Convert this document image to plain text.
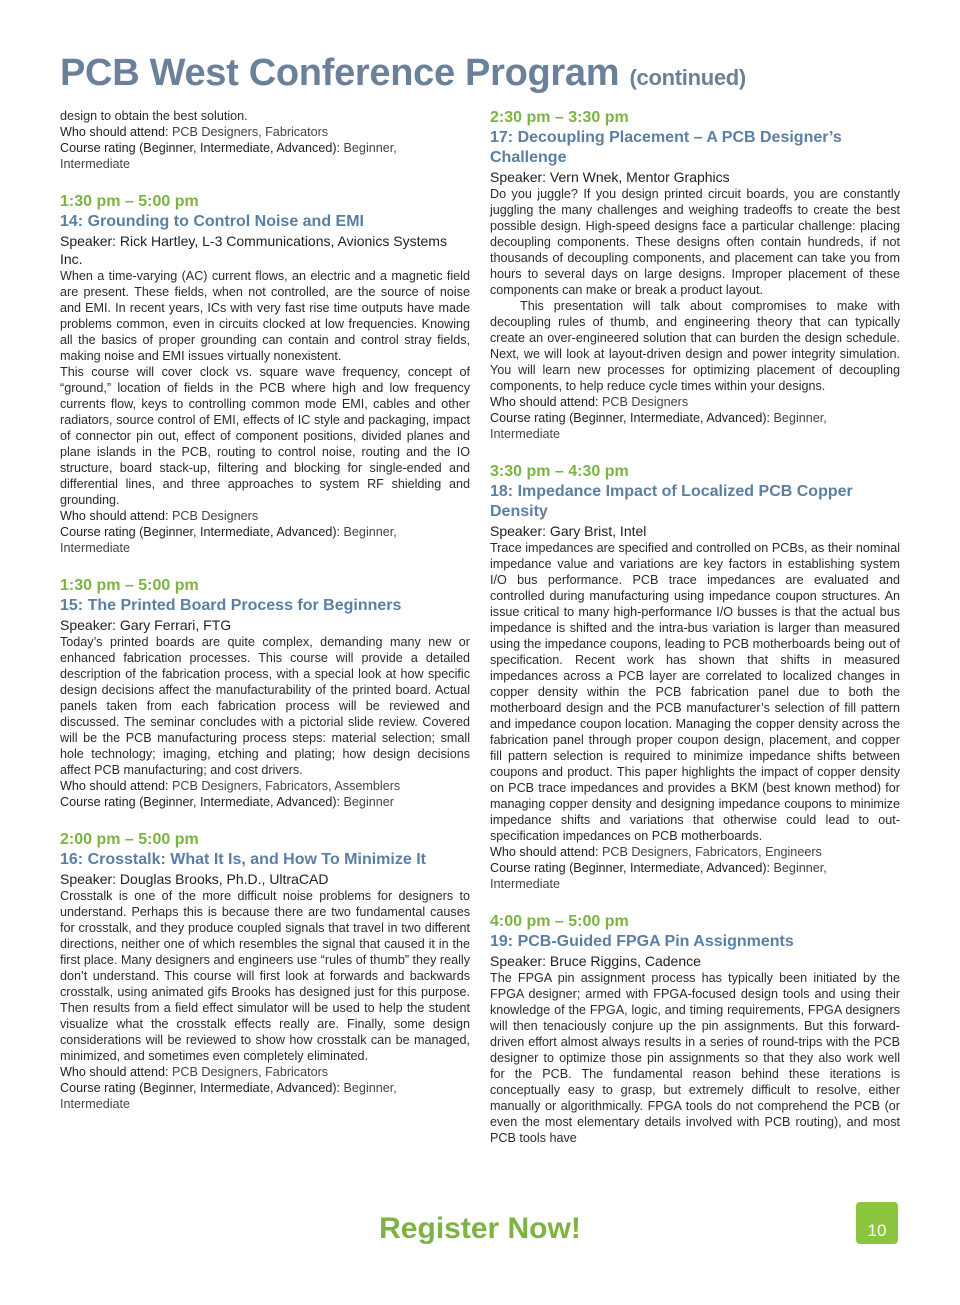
PCB West Conference Program (continued)

design to obtain the best solution.

Who should attend: PCB Designers, Fabricators
Course rating (Beginner, Intermediate, Advanced): Beginner, Intermediate
1:30 pm – 5:00 pm
14: Grounding to Control Noise and EMI
Speaker: Rick Hartley, L-3 Communications, Avionics Systems Inc.

When a time-varying (AC) current flows, an electric and a magnetic field are present. These fields, when not controlled, are the source of noise and EMI. In recent years, ICs with very fast rise time outputs have made problems common, even in circuits clocked at low frequencies. Knowing all the basics of proper grounding can contain and control stray fields, making noise and EMI issues virtually nonexistent.

This course will cover clock vs. square wave frequency, concept of “ground,” location of fields in the PCB where high and low frequency currents flow, keys to controlling common mode EMI, cables and other radiators, source control of EMI, effects of IC style and packaging, impact of connector pin out, effect of component positions, divided planes and plane islands in the PCB, routing to control noise, routing and the IO structure, board stack-up, filtering and blocking for single-ended and differential lines, and three approaches to system RF shielding and grounding.

Who should attend: PCB Designers
Course rating (Beginner, Intermediate, Advanced): Beginner, Intermediate
1:30 pm – 5:00 pm
15: The Printed Board Process for Beginners
Speaker: Gary Ferrari, FTG

Today’s printed boards are quite complex, demanding many new or enhanced fabrication processes. This course will provide a detailed description of the fabrication process, with a special look at how specific design decisions affect the manufacturability of the printed board. Actual panels taken from each fabrication process will be reviewed and discussed. The seminar concludes with a pictorial slide review. Covered will be the PCB manufacturing process steps: material selection; small hole technology; imaging, etching and plating; how design decisions affect PCB manufacturing; and cost drivers.

Who should attend: PCB Designers, Fabricators, Assemblers
Course rating (Beginner, Intermediate, Advanced): Beginner
2:00 pm – 5:00 pm
16: Crosstalk: What It Is, and How To Minimize It
Speaker: Douglas Brooks, Ph.D., UltraCAD

Crosstalk is one of the more difficult noise problems for designers to understand. Perhaps this is because there are two fundamental causes for crosstalk, and they produce coupled signals that travel in two different directions, neither one of which resembles the signal that caused it in the first place. Many designers and engineers use “rules of thumb” they really don’t understand. This course will first look at forwards and backwards crosstalk, using animated gifs Brooks has designed just for this purpose. Then results from a field effect simulator will be used to help the student visualize what the crosstalk effects really are. Finally, some design considerations will be reviewed to show how crosstalk can be managed, minimized, and sometimes even completely eliminated.

Who should attend: PCB Designers, Fabricators
Course rating (Beginner, Intermediate, Advanced): Beginner, Intermediate
2:30 pm – 3:30 pm
17: Decoupling Placement – A PCB Designer’s Challenge
Speaker: Vern Wnek, Mentor Graphics

Do you juggle? If you design printed circuit boards, you are constantly juggling the many challenges and weighing tradeoffs to create the best possible design. High-speed designs face a particular challenge: placing decoupling components. These designs often contain hundreds, if not thousands of decoupling components, and placement can take you from hours to several days on large designs. Improper placement of these components can make or break a product layout.

This presentation will talk about compromises to make with decoupling rules of thumb, and engineering theory that can typically create an over-engineered solution that can burden the design schedule. Next, we will look at layout-driven design and power integrity simulation. You will learn new processes for optimizing placement of decoupling components, to help reduce cycle times within your designs.

Who should attend: PCB Designers
Course rating (Beginner, Intermediate, Advanced): Beginner, Intermediate
3:30 pm – 4:30 pm
18: Impedance Impact of Localized PCB Copper Density
Speaker: Gary Brist, Intel

Trace impedances are specified and controlled on PCBs, as their nominal impedance value and variations are key factors in establishing system I/O bus performance. PCB trace impedances are evaluated and controlled during manufacturing using impedance coupon structures. An issue critical to many high-performance I/O busses is that the actual bus impedance is shifted and the intra-bus variation is larger than measured using the impedance coupons, leading to PCB motherboards being out of specification. Recent work has shown that shifts in measured impedances across a PCB layer are correlated to localized changes in copper density within the PCB fabrication panel due to both the motherboard design and the PCB manufacturer’s selection of fill pattern and impedance coupon location. Managing the copper density across the fabrication panel through proper coupon design, placement, and copper fill pattern selection is required to minimize impedance shifts between coupons and product. This paper highlights the impact of copper density on PCB trace impedances and provides a BKM (best known method) for managing copper density and designing impedance coupons to minimize impedance shifts and variations that otherwise could lead to out-specification impedances on PCB motherboards.

Who should attend: PCB Designers, Fabricators, Engineers
Course rating (Beginner, Intermediate, Advanced): Beginner, Intermediate
4:00 pm – 5:00 pm
19: PCB-Guided FPGA Pin Assignments
Speaker: Bruce Riggins, Cadence

The FPGA pin assignment process has typically been initiated by the FPGA designer; armed with FPGA-focused design tools and using their knowledge of the FPGA, logic, and timing requirements, FPGA designers will then tenaciously conjure up the pin assignments. But this forward-driven effort almost always results in a series of round-trips with the PCB designer to optimize those pin assignments so that they also work well for the PCB. The fundamental reason behind these iterations is conceptually easy to grasp, but extremely difficult to resolve, either manually or algorithmically. FPGA tools do not comprehend the PCB (or even the most elementary details involved with PCB routing), and most PCB tools have

Register Now!	10
